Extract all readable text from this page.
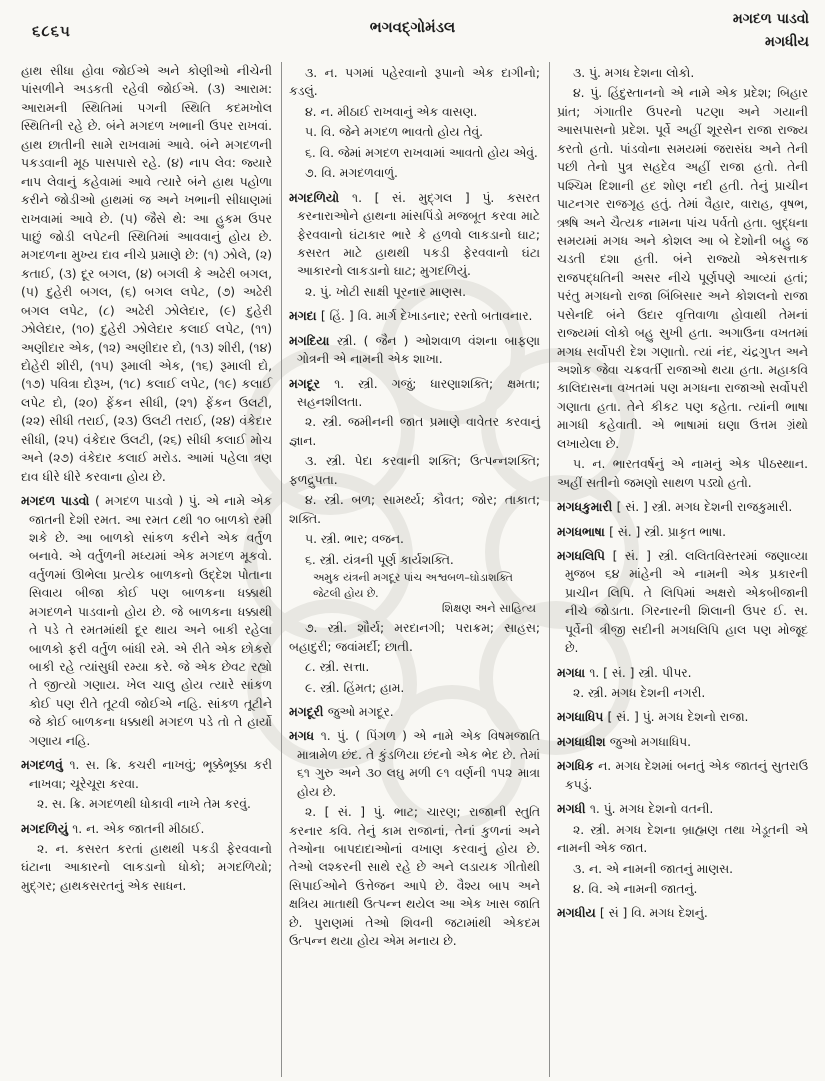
૬૮૬૫	ભગવદ્ગોમંડલ	મગદળ પાડવો
મગધીય

હાથ સીધા હોવા જોઈએ અને કોણીઓ નીચેની પાંસળીને અડકતી રહેવી જોઈએ. (૩) આરામ: આરામની સ્થિતિમાં પગની સ્થિતિ કદમખોલ સ્થિતિની રહે છે. બંને મગદળ ખભાની ઉપર રાખવાં. હાથ છાતીની સામે રાખવામાં આવે. બંને મગદળની પકડવાની મૂઠ પાસપાસે રહે. (૪) નાપ લેવ: જ્યારે નાપ લેવાનું કહેવામાં આવે ત્યારે બંને હાથ પહોળા કરીને જોડીઓ હાથમાં જ અને ખભાની સીધાણમાં રાખવામાં આવે છે. (૫) જૈસે થે: આ હુકમ ઉપર પાછું જોડી લપેટની સ્થિતિમાં આવવાનું હોય છે. મગદળના મુખ્ય દાવ નીચે પ્રમાણે છે: (૧) ઝોલે, (૨) કતાઈ, (૩) દૂર બગલ, (૪) બગલી કે અઢેરી બગલ, (૫) દુહેરી બગલ, (૬) બગલ લપેટ, (૭) અઢેરી બગલ લપેટ, (૮) અઢેરી ઝોલેદાર, (૯) દુહેરી ઝોલેદાર, (૧૦) દુહેરી ઝોલેદાર કલાઈ લપેટ, (૧૧) અણીદાર એક, (૧૨) અણીદાર દો, (૧૩) શીરી, (૧૪) દોહેરી શીરી, (૧૫) રૂમાલી એક, (૧૬) રૂમાલી દો, (૧૭) પવિત્રા દોરૂખ, (૧૮) કલાઈ લપેટ, (૧૯) કલાઈ લપેટ દો, (૨૦) ફેંકન સીધી, (૨૧) ફેંકન ઉલટી, (૨૨) સીધી તરાઈ, (૨૩) ઉલટી તરાઈ, (૨૪) વંકેદાર સીધી, (૨૫) વંકેદાર ઉલટી, (૨૬) સીધી કલાઈ મોચ અને (૨૭) વંકેદાર કલાઈ મરોડ. આમાં પહેલા ત્રણ દાવ ધીરે ધીરે કરવાના હોય છે.

મગદળ પાડવો ( મગદળ પાડવો ) પું. એ નામે એક જાતની દેશી રમત. આ રમત ૮થી ૧૦ બાળકો રમી શકે છે. આ બાળકો સાંકળ કરીને એક વર્તુળ બનાવે. એ વર્તુળની મધ્યમાં એક મગદળ મૂકવો. વર્તુળમાં ઊભેલા પ્રત્યેક બાળકનો ઉદ્દેશ પોતાના સિવાય બીજા કોઈ પણ બાળકના ધક્કાથી મગદળને પાડવાનો હોય છે. જે બાળકના ધક્કાથી તે પડે તે રમતમાંથી દૂર થાય અને બાકી રહેલા બાળકો ફરી વર્તુળ બાંધી રમે. એ રીતે એક છોકરો બાકી રહે ત્યાંસુધી રમ્યા કરે. જે એક છેવટ રહ્યો તે જીત્યો ગણાય. ખેલ ચાલુ હોય ત્યારે સાંકળ કોઈ પણ રીતે તૂટવી જોઈએ નહિ. સાંકળ તૂટીને જે કોઈ બાળકના ધક્કાથી મગદળ પડે તો તે હાર્યો ગણાય નહિ.

મગદળવું ૧. સ. ક્રિ. કચરી નાખવું; ભૂક્કેભૂક્કા કરી નાખવા; ચૂરેચૂરા કરવા.

૨. સ. ક્રિ. મગદળથી ધોકાવી નાખે તેમ કરવું.

મગદળિયું ૧. ન. એક જાતની મીઠાઈ.

૨. ન. કસરત કરતાં હાથથી પકડી ફેરવવાનો ઘંટાના આકારનો લાકડાનો ધોકો; મગદળિયો; મુદ્ગર; હાથકસરતનું એક સાધન.

૩. ન. પગમાં પહેરવાનો રૂપાનો એક દાગીનો; કડલું.

૪. ન. મીઠાઈ રાખવાનું એક વાસણ.

૫. વિ. જેને મગદળ ભાવતો હોય તેવું.

૬. વિ. જેમાં મગદળ રાખવામાં આવતો હોય એવું.

૭. વિ. મગદળવાળું.

મગદળિયો ૧. [ સં. મુદ્ગલ ] પું. કસરત કરનારાઓને હાથના માંસપિંડો મજબૂત કરવા માટે ફેરવવાનો ઘંટાકાર ભારે કે હળવો લાકડાનો ઘાટ; કસરત માટે હાથથી પકડી ફેરવવાનો ઘંટા આકારનો લાકડાનો ઘાટ; મુગદળિયું.

૨. પું. ખોટી સાક્ષી પૂરનાર માણસ.

મગદા [ હિં. ] વિ. માર્ગ દેખાડનાર; રસ્તો બતાવનાર.

મગદિયા સ્ત્રી. ( જૈન ) ઓશવાળ વંશના બાફણા ગોત્રની એ નામની એક શાખા.

મગદૂર ૧. સ્ત્રી. ગજું; ધારણાશક્તિ; ક્ષમતા; સહનશીલતા.

૨. સ્ત્રી. જમીનની જાત પ્રમાણે વાવેતર કરવાનું જ્ઞાન.

૩. સ્ત્રી. પેદા કરવાની શક્તિ; ઉત્પન્નશક્તિ; ફળદ્રુપતા.

૪. સ્ત્રી. બળ; સામર્થ્ય; કૌવત; જોર; તાકાત; શક્તિ.

૫. સ્ત્રી. ભાર; વજન.

૬. સ્ત્રી. યંત્રની પૂર્ણ કાર્યશક્તિ.

અમુક યંત્રની મગદૂર પાંચ અશ્વબળ–ઘોડાશક્તિ જેટલી હોય છે.

શિક્ષણ અને સાહિત્ય

૭. સ્ત્રી. શૌર્ય; મરદાનગી; પરાક્રમ; સાહસ; બહાદુરી; જવાંમર્દી; છાતી.

૮. સ્ત્રી. સત્તા.

૯. સ્ત્રી. હિંમત; હામ.

મગદૂરી જુઓ મગદૂર.

મગધ ૧. પું. ( પિંગળ ) એ નામે એક વિષમજાતિ માત્રામેળ છંદ. તે કુંડળિયા છંદનો એક ભેદ છે. તેમાં ૬૧ ગુરુ અને ૩૦ લઘુ મળી ૯૧ વર્ણની ૧૫૨ માત્રા હોય છે.

૨. [ સં. ] પું. ભાટ; ચારણ; રાજાની સ્તુતિ કરનાર કવિ. તેનું કામ રાજાનાં, તેનાં કુળનાં અને તેઓના બાપદાદાઓનાં વખાણ કરવાનું હોય છે. તેઓ લશ્કરની સાથે રહે છે અને લડાયક ગીતોથી સિપાઈઓને ઉત્તેજન આપે છે. વૈશ્ય બાપ અને ક્ષત્રિય માતાથી ઉત્પન્ન થયેલ આ એક ખાસ જાતિ છે. પુરાણમાં તેઓ શિવની જટામાંથી એકદમ ઉત્પન્ન થયા હોય એમ મનાય છે.

૩. પું. મગધ દેશના લોકો.

૪. પું. હિંદુસ્તાનનો એ નામે એક પ્રદેશ; બિહાર પ્રાંત; ગંગાતીર ઉપરનો પટણા અને ગયાની આસપાસનો પ્રદેશ. પૂર્વે અહીં શૂરસેન રાજા રાજ્ય કરતો હતો. પાંડવોના સમયમાં જરાસંઘ અને તેની પછી તેનો પુત્ર સહદેવ અહીં રાજા હતો. તેની પશ્ચિમ દિશાની હદ શોણ નદી હતી. તેનું પ્રાચીન પાટનગર રાજગૃહ હતું. તેમાં વૈહાર, વારાહ, વૃષભ, ઋષિ અને ચૈત્યક નામના પાંચ પર્વતો હતા. બુદ્ધના સમયમાં મગધ અને કોશલ આ બે દેશોની બહુ જ ચડતી દશા હતી. બંને રાજ્યો એકસત્તાક રાજપદ્ધતિની અસર નીચે પૂર્ણપણે આવ્યાં હતાં; પરંતુ મગધનો રાજા બિંબિસાર અને કોશલનો રાજા પસેનદિ બંને ઉદાર વૃત્તિવાળા હોવાથી તેમનાં રાજ્યમાં લોકો બહુ સુખી હતા. અગાઉના વખતમાં મગધ સર્વોપરી દેશ ગણાતો. ત્યાં નંદ, ચંદ્રગુપ્ત અને અશોક જેવા ચક્રવર્તી રાજાઓ થયા હતા. મહાકવિ કાલિદાસના વખતમાં પણ મગધના રાજાઓ સર્વોપરી ગણાતા હતા. તેને કીકટ પણ કહેતા. ત્યાંની ભાષા માગધી કહેવાતી. એ ભાષામાં ઘણા ઉત્તમ ગ્રંથો લખાયેલા છે.

૫. ન. ભારતવર્ષનું એ નામનું એક પીઠસ્થાન. અહીં સતીનો જમણો સાથળ પડ્યો હતો.

મગધકુમારી [ સં. ] સ્ત્રી. મગધ દેશની રાજકુમારી.

મગધભાષા [ સં. ] સ્ત્રી. પ્રાકૃત ભાષા.

મગધલિપિ [ સં. ] સ્ત્રી. લલિતવિસ્તરમાં જણાવ્યા મુજબ ૬૪ માંહેની એ નામની એક પ્રકારની પ્રાચીન લિપિ. તે લિપિમાં અક્ષરો એકબીજાની નીચે જોડાતા. ગિરનારની શિલાની ઉપર ઈ. સ. પૂર્વેની ત્રીજી સદીની મગધલિપિ હાલ પણ મોજૂદ છે.

મગધા ૧. [ સં. ] સ્ત્રી. પીપર.

૨. સ્ત્રી. મગધ દેશની નગરી.

મગધાધિપ [ સં. ] પું. મગધ દેશનો રાજા.

મગધાધીશ જુઓ મગધાધિપ.

મગધિક ન. મગધ દેશમાં બનતું એક જાતનું સુતરાઉ કપડું.

મગધી ૧. પું. મગધ દેશનો વતની.

૨. સ્ત્રી. મગધ દેશના બ્રાહ્મણ તથા ખેડૂતની એ નામની એક જાત.

૩. ન. એ નામની જાતનું માણસ.

૪. વિ. એ નામની જાતનું.

મગધીય [ સં ] વિ. મગધ દેશનું.
